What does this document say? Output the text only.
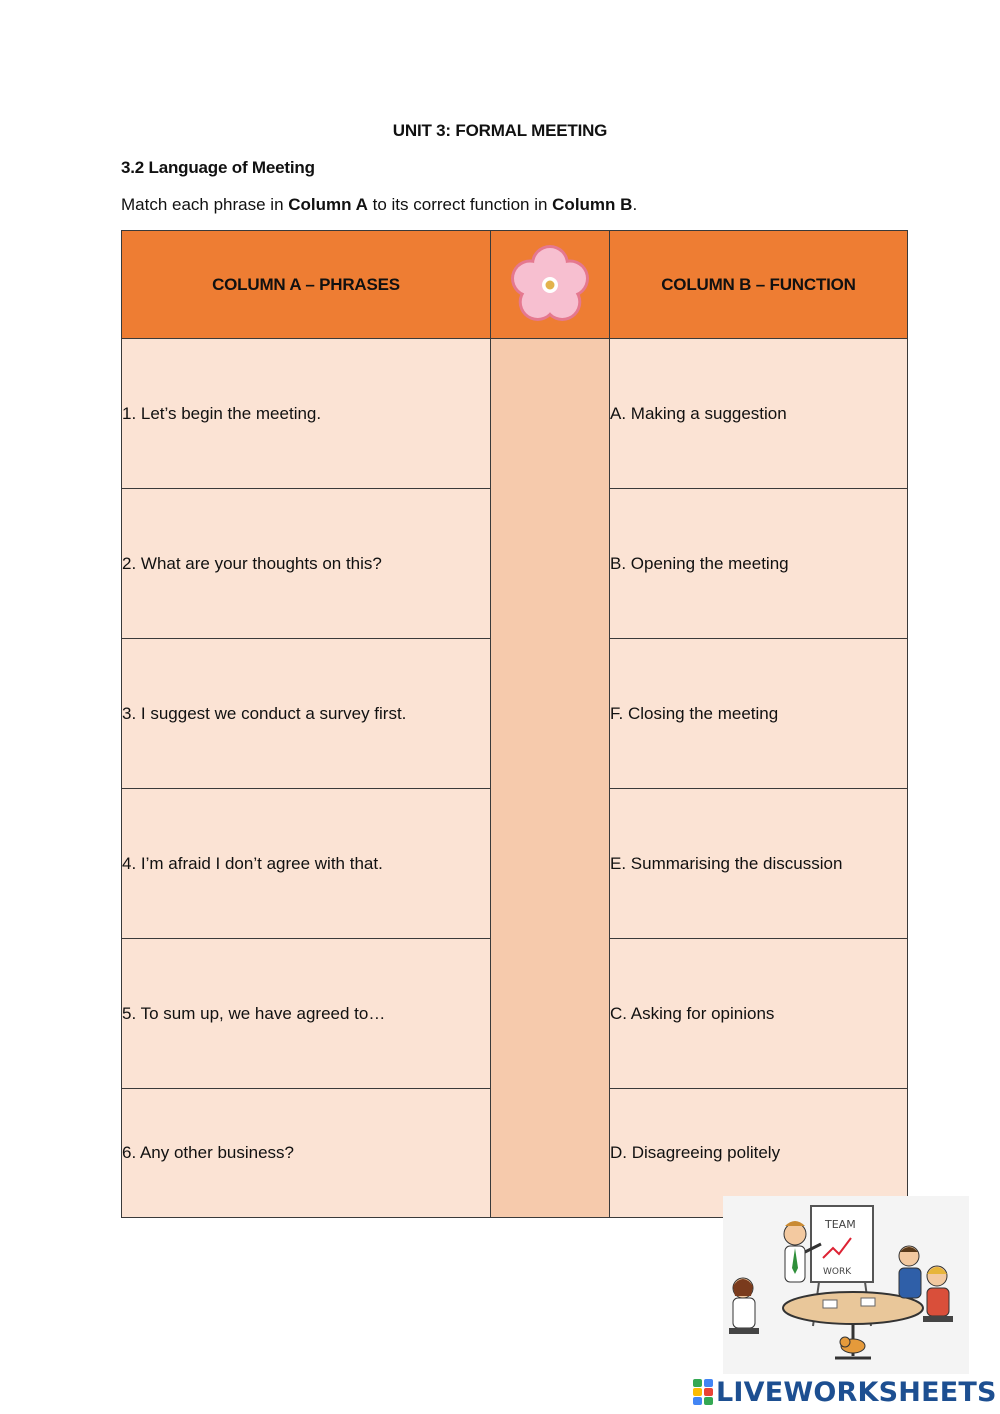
UNIT 3: FORMAL MEETING
3.2 Language of Meeting
Match each phrase in Column A to its correct function in Column B.
COLUMN A – PHRASES		COLUMN B – FUNCTION
1. Let’s begin the meeting.		A. Making a suggestion
2. What are your thoughts on this?		B. Opening the meeting
3. I suggest we conduct a survey first.		F. Closing the meeting
4. I’m afraid I don’t agree with that.		E. Summarising the discussion
5. To sum up, we have agreed to…		C. Asking for opinions
6. Any other business?		D. Disagreeing politely
TEAM
WORK
LIVEWORKSHEETS
